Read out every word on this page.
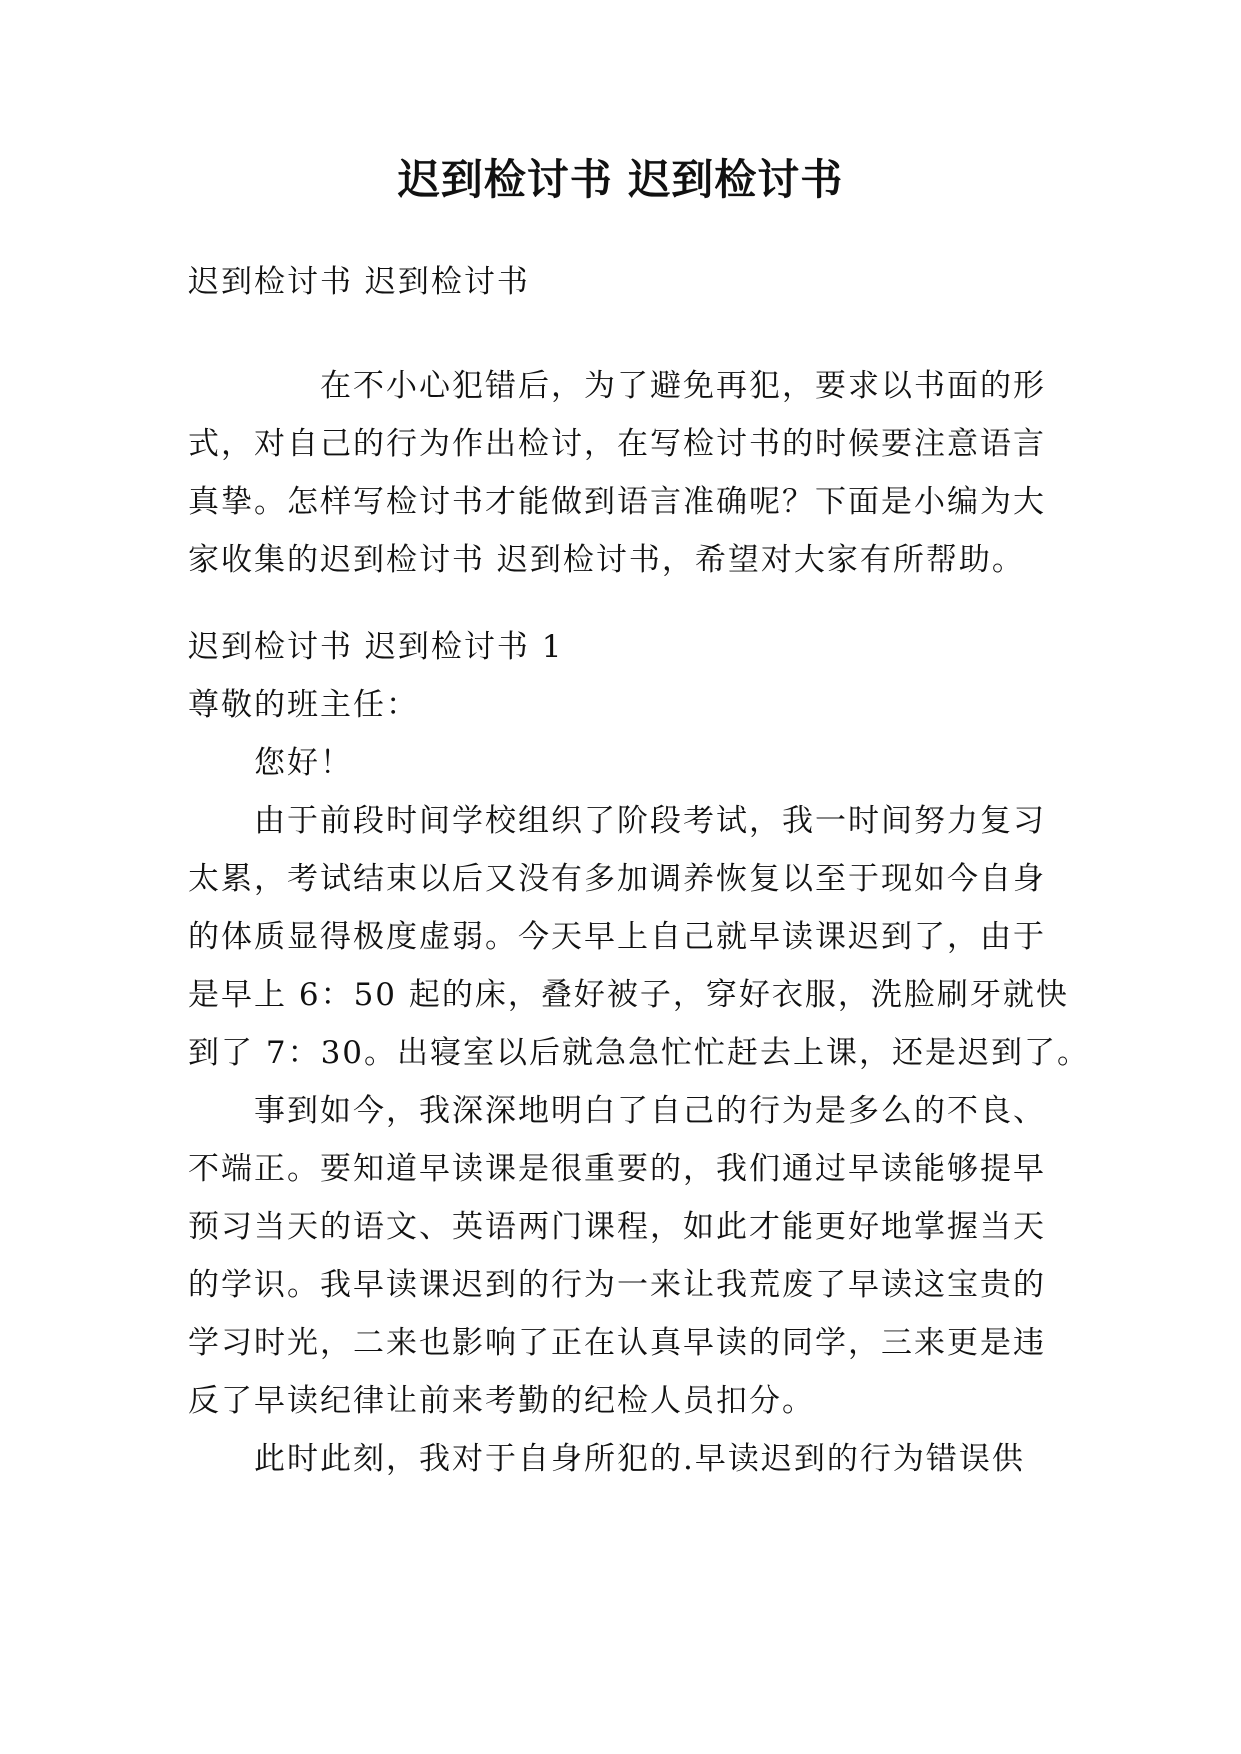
迟到检讨书 迟到检讨书

迟到检讨书 迟到检讨书

在不小心犯错后，为了避免再犯，要求以书面的形
式，对自己的行为作出检讨，在写检讨书的时候要注意语言
真挚。怎样写检讨书才能做到语言准确呢？下面是小编为大
家收集的迟到检讨书 迟到检讨书，希望对大家有所帮助。

迟到检讨书 迟到检讨书 1
尊敬的班主任：
您好！

由于前段时间学校组织了阶段考试，我一时间努力复习
太累，考试结束以后又没有多加调养恢复以至于现如今自身
的体质显得极度虚弱。今天早上自己就早读课迟到了，由于
是早上 6：50 起的床，叠好被子，穿好衣服，洗脸刷牙就快
到了 7：30。出寝室以后就急急忙忙赶去上课，还是迟到了。

事到如今，我深深地明白了自己的行为是多么的不良、
不端正。要知道早读课是很重要的，我们通过早读能够提早
预习当天的语文、英语两门课程，如此才能更好地掌握当天
的学识。我早读课迟到的行为一来让我荒废了早读这宝贵的
学习时光，二来也影响了正在认真早读的同学，三来更是违
反了早读纪律让前来考勤的纪检人员扣分。

此时此刻，我对于自身所犯的.早读迟到的行为错误供
